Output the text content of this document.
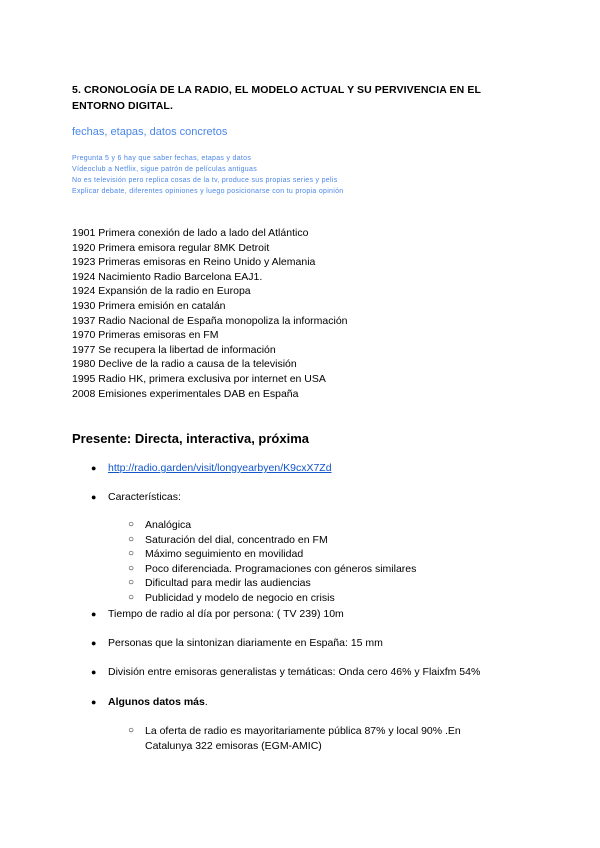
5. CRONOLOGÍA DE LA RADIO, EL MODELO ACTUAL Y SU PERVIVENCIA EN EL
ENTORNO DIGITAL.
fechas, etapas, datos concretos
Pregunta 5 y 6 hay que saber fechas, etapas y datos
Vídeoclub a Netflix, sigue patrón de películas antiguas
No es televisión pero replica cosas de la tv, produce sus propias series y pelis
Explicar debate, diferentes opiniones y luego posicionarse con tu propia opinión
1901 Primera conexión de lado a lado del Atlántico
1920 Primera emisora regular 8MK Detroit
1923 Primeras emisoras en Reino Unido y Alemania
1924 Nacimiento Radio Barcelona EAJ1.
1924 Expansión de la radio en Europa
1930 Primera emisión en catalán
1937 Radio Nacional de España monopoliza la información
1970 Primeras emisoras en FM
1977 Se recupera la libertad de información
1980 Declive de la radio a causa de la televisión
1995 Radio HK, primera exclusiva por internet en USA
2008 Emisiones experimentales DAB en España
Presente: Directa, interactiva, próxima
● http://radio.garden/visit/longyearbyen/K9cxX7Zd
● Características:
○
○
○
○
○
○
Analógica
Saturación del dial, concentrado en FM
Máximo seguimiento en movilidad
Poco diferenciada. Programaciones con géneros similares
Dificultad para medir las audiencias
Publicidad y modelo de negocio en crisis
● Tiempo de radio al día por persona: ( TV 239) 10m
● Personas que la sintonizan diariamente en España: 15 mm
● División entre emisoras generalistas y temáticas: Onda cero 46% y Flaixfm 54%
● Algunos datos más.
○ La oferta de radio es mayoritariamente pública 87% y local 90% .En
Catalunya 322 emisoras (EGM-AMIC)
